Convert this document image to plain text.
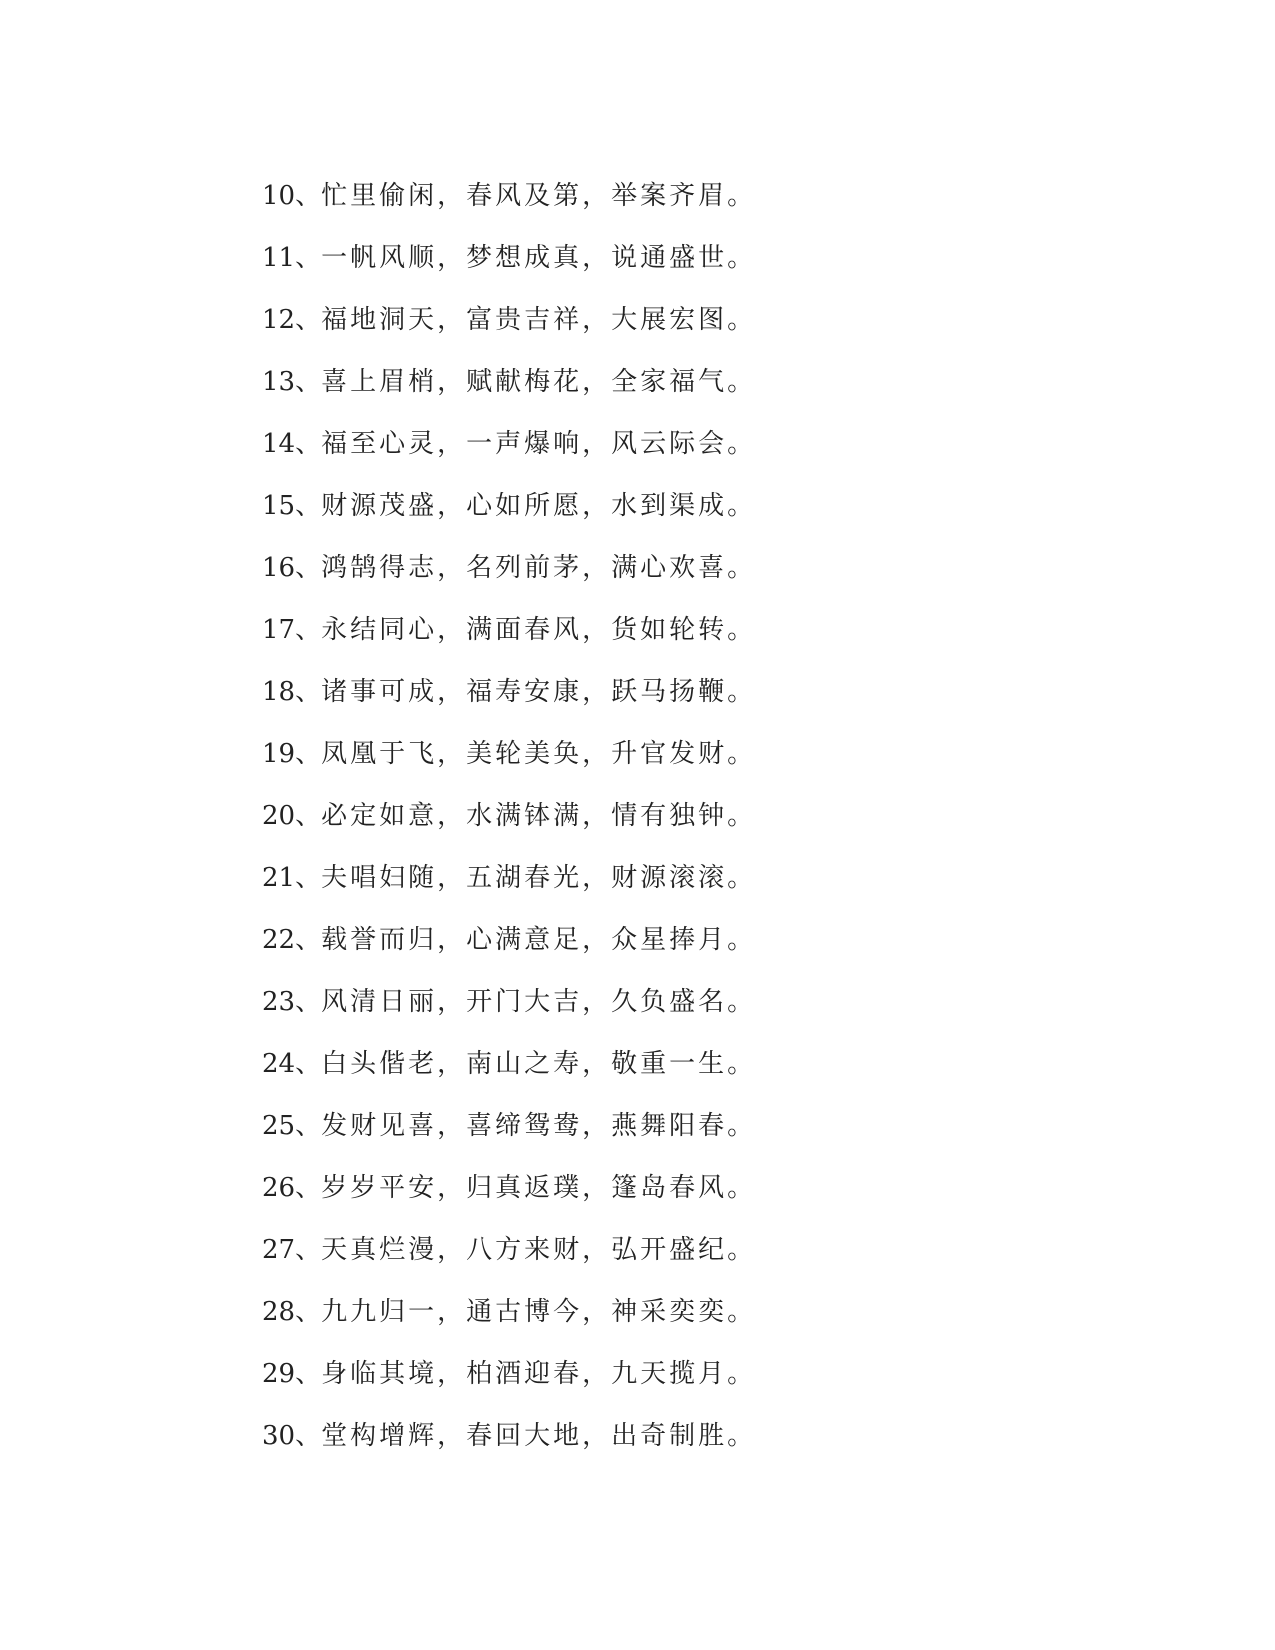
10、 忙里偷闲，春风及第，举案齐眉。
11、 一帆风顺，梦想成真，说通盛世。
12、 福地洞天，富贵吉祥，大展宏图。
13、 喜上眉梢，赋献梅花，全家福气。
14、 福至心灵，一声爆响，风云际会。
15、 财源茂盛，心如所愿，水到渠成。
16、 鸿鹄得志，名列前茅，满心欢喜。
17、 永结同心，满面春风，货如轮转。
18、 诸事可成，福寿安康，跃马扬鞭。
19、 凤凰于飞，美轮美奂，升官发财。
20、 必定如意，水满钵满，情有独钟。
21、 夫唱妇随，五湖春光，财源滚滚。
22、 载誉而归，心满意足，众星捧月。
23、 风清日丽，开门大吉，久负盛名。
24、 白头偕老，南山之寿，敬重一生。
25、 发财见喜，喜缔鸳鸯，燕舞阳春。
26、 岁岁平安，归真返璞，篷岛春风。
27、 天真烂漫，八方来财，弘开盛纪。
28、 九九归一，通古博今，神采奕奕。
29、 身临其境，柏酒迎春，九天揽月。
30、 堂构增辉，春回大地，出奇制胜。
